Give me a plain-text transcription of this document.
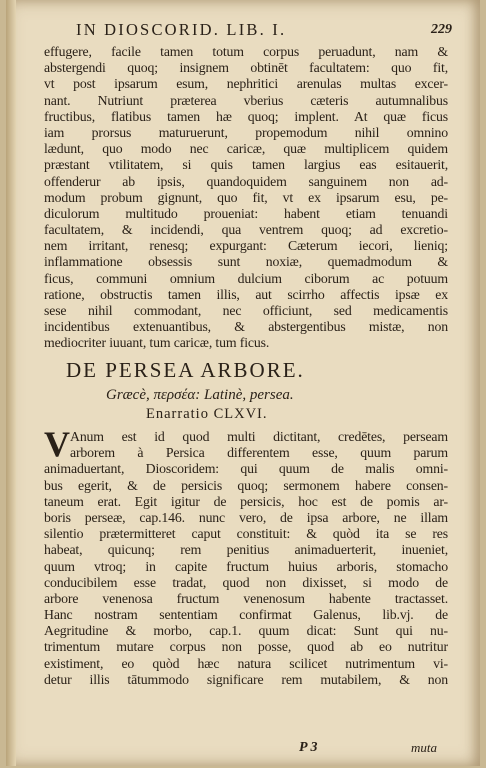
IN DIOSCORID. LIB. I.	229
effugere, facile tamen totum corpus peruadunt, nam &
abstergendi quoq; insignem obtinēt facultatem: quo fit,
vt post ipsarum esum, nephritici arenulas multas excer-
nant. Nutriunt præterea vberius cæteris autumnalibus
fructibus, flatibus tamen hæ quoq; implent. At quæ ficus
iam prorsus maturuerunt, propemodum nihil omnino
lædunt, quo modo nec caricæ, quæ multiplicem quidem
præstant vtilitatem, si quis tamen largius eas esitauerit,
offenderur ab ipsis, quandoquidem sanguinem non ad-
modum probum gignunt, quo fit, vt ex ipsarum esu, pe-
diculorum multitudo proueniat: habent etiam tenuandi
facultatem, & incidendi, qua ventrem quoq; ad excretio-
nem irritant, renesq; expurgant: Cæterum iecori, lieniq;
inflammatione obsessis sunt noxiæ, quemadmodum &
ficus, communi omnium dulcium ciborum ac potuum
ratione, obstructis tamen illis, aut scirrho affectis ipsæ ex
sese nihil commodant, nec officiunt, sed medicamentis
incidentibus extenuantibus, & abstergentibus mistæ, non
mediocriter iuuant, tum caricæ, tum ficus.
DE PERSEA ARBORE.
Græcè, περσέα: Latinè, persea.
Enarratio CLXVI.
V Anum est id quod multi dictitant, credētes, perseam
arborem à Persica differentem esse, quum parum
animaduertant, Dioscoridem: qui quum de malis omni-
bus egerit, & de persicis quoq; sermonem habere consen-
taneum erat. Egit igitur de persicis, hoc est de pomis ar-
boris perseæ, cap.146. nunc vero, de ipsa arbore, ne illam
silentio prætermitteret caput constituit: & quòd ita se res
habeat, quicunq; rem penitius animaduerterit, inueniet,
quum vtroq; in capite fructum huius arboris, stomacho
conducibilem esse tradat, quod non dixisset, si modo de
arbore venenosa fructum venenosum habente tractasset.
Hanc nostram sententiam confirmat Galenus, lib.vj. de
Aegritudine & morbo, cap.1. quum dicat: Sunt qui nu-
trimentum mutare corpus non posse, quod ab eo nutritur
existiment, eo quòd hæc natura scilicet nutrimentum vi-
detur illis tātummodo significare rem mutabilem, & non
P 3	muta
